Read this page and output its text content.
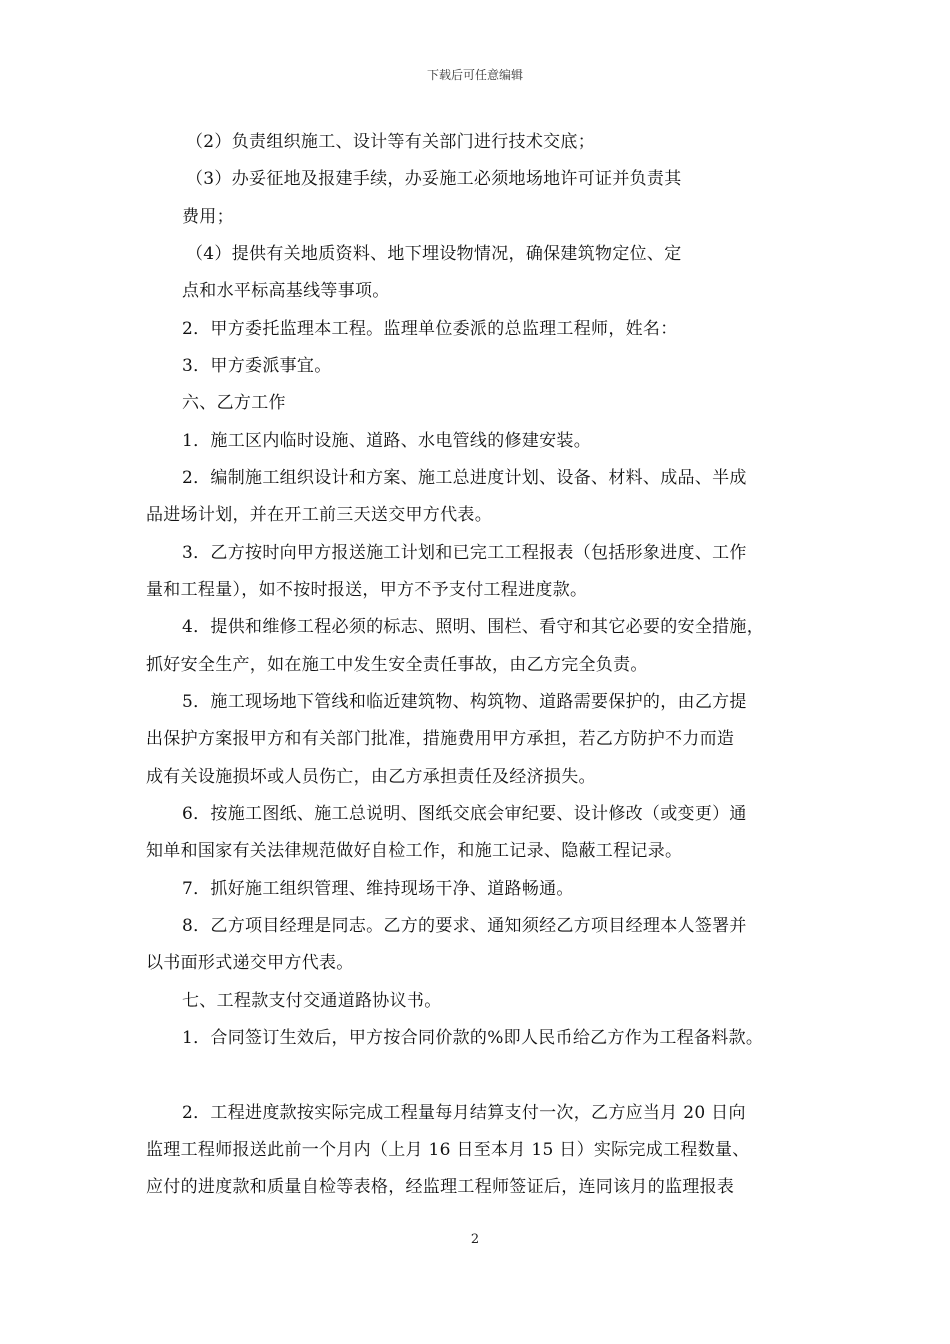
下载后可任意编辑
（2）负责组织施工、设计等有关部门进行技术交底；
（3）办妥征地及报建手续，办妥施工必须地场地许可证并负责其
费用；
（4）提供有关地质资料、地下埋设物情况，确保建筑物定位、定
点和水平标高基线等事项。
2．甲方委托监理本工程。监理单位委派的总监理工程师，姓名：
3．甲方委派事宜。
六、乙方工作
1．施工区内临时设施、道路、水电管线的修建安装。
2．编制施工组织设计和方案、施工总进度计划、设备、材料、成品、半成
品进场计划，并在开工前三天送交甲方代表。
3．乙方按时向甲方报送施工计划和已完工工程报表（包括形象进度、工作
量和工程量），如不按时报送，甲方不予支付工程进度款。
4．提供和维修工程必须的标志、照明、围栏、看守和其它必要的安全措施，
抓好安全生产，如在施工中发生安全责任事故，由乙方完全负责。
5．施工现场地下管线和临近建筑物、构筑物、道路需要保护的，由乙方提
出保护方案报甲方和有关部门批准，措施费用甲方承担，若乙方防护不力而造
成有关设施损坏或人员伤亡，由乙方承担责任及经济损失。
6．按施工图纸、施工总说明、图纸交底会审纪要、设计修改（或变更）通
知单和国家有关法律规范做好自检工作，和施工记录、隐蔽工程记录。
7．抓好施工组织管理、维持现场干净、道路畅通。
8．乙方项目经理是同志。乙方的要求、通知须经乙方项目经理本人签署并
以书面形式递交甲方代表。
七、工程款支付交通道路协议书。
1．合同签订生效后，甲方按合同价款的%即人民币给乙方作为工程备料款。
2．工程进度款按实际完成工程量每月结算支付一次，乙方应当月 20 日向
监理工程师报送此前一个月内（上月 16 日至本月 15 日）实际完成工程数量、
应付的进度款和质量自检等表格，经监理工程师签证后，连同该月的监理报表
2
